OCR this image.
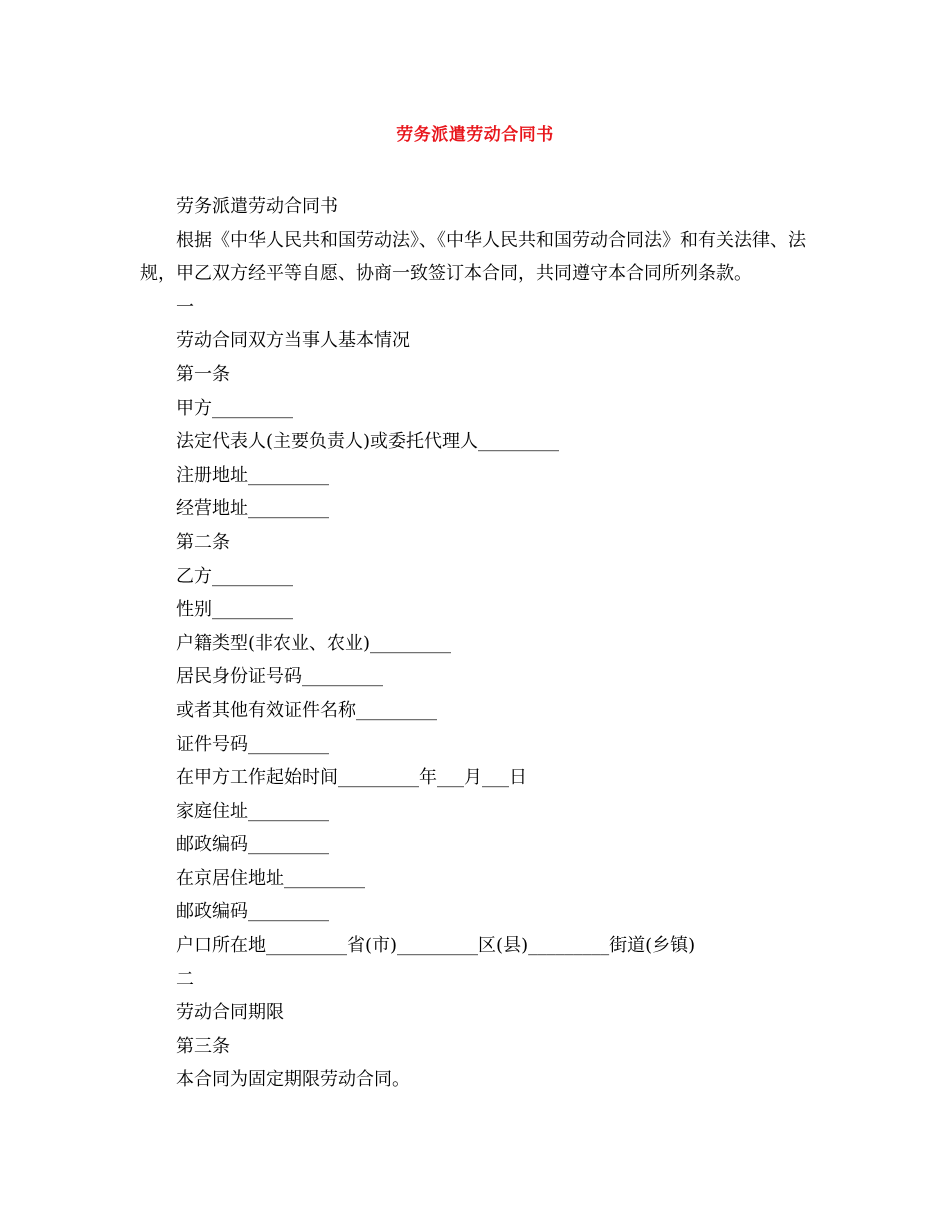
劳务派遣劳动合同书

劳务派遣劳动合同书

根据《中华人民共和国劳动法》、《中华人民共和国劳动合同法》和有关法律、法规，甲乙双方经平等自愿、协商一致签订本合同，共同遵守本合同所列条款。

一

劳动合同双方当事人基本情况

第一条

甲方_________

法定代表人(主要负责人)或委托代理人_________

注册地址_________

经营地址_________

第二条

乙方_________

性别_________

户籍类型(非农业、农业)_________

居民身份证号码_________

或者其他有效证件名称_________

证件号码_________

在甲方工作起始时间_________年___月___日

家庭住址_________

邮政编码_________

在京居住地址_________

邮政编码_________

户口所在地_________省(市)_________区(县)_________街道(乡镇)

二

劳动合同期限

第三条

本合同为固定期限劳动合同。
